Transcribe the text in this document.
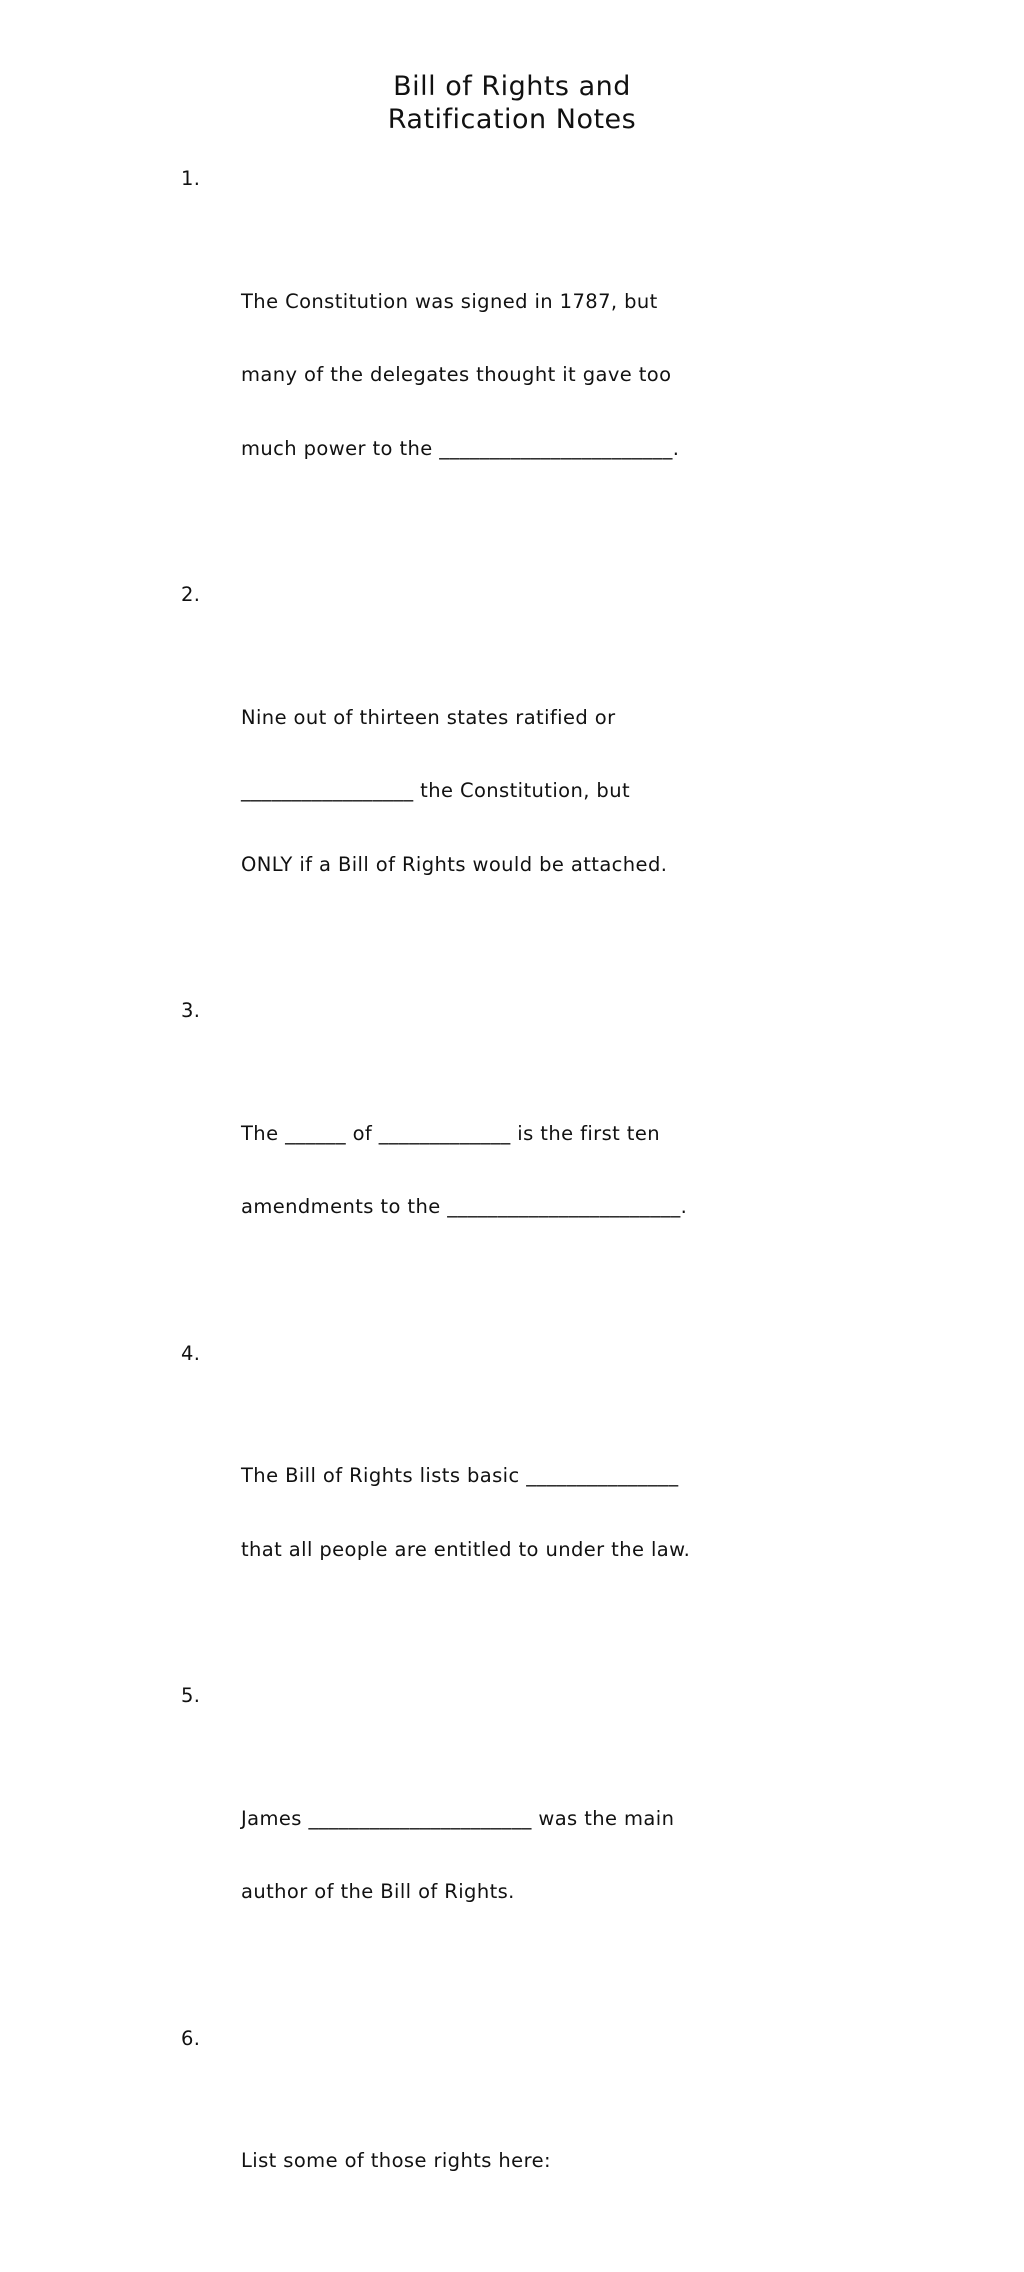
Bill of Rights and
Ratification Notes

1.

The Constitution was signed in 1787, but

many of the delegates thought it gave too

much power to the _______________________.

2.

Nine out of thirteen states ratified or

_________________ the Constitution, but

ONLY if a Bill of Rights would be attached.

3.

The ______ of _____________ is the first ten

amendments to the _______________________.

4.

The Bill of Rights lists basic _______________

that all people are entitled to under the law.

5.

James ______________________ was the main

author of the Bill of Rights.

6.

List some of those rights here:
